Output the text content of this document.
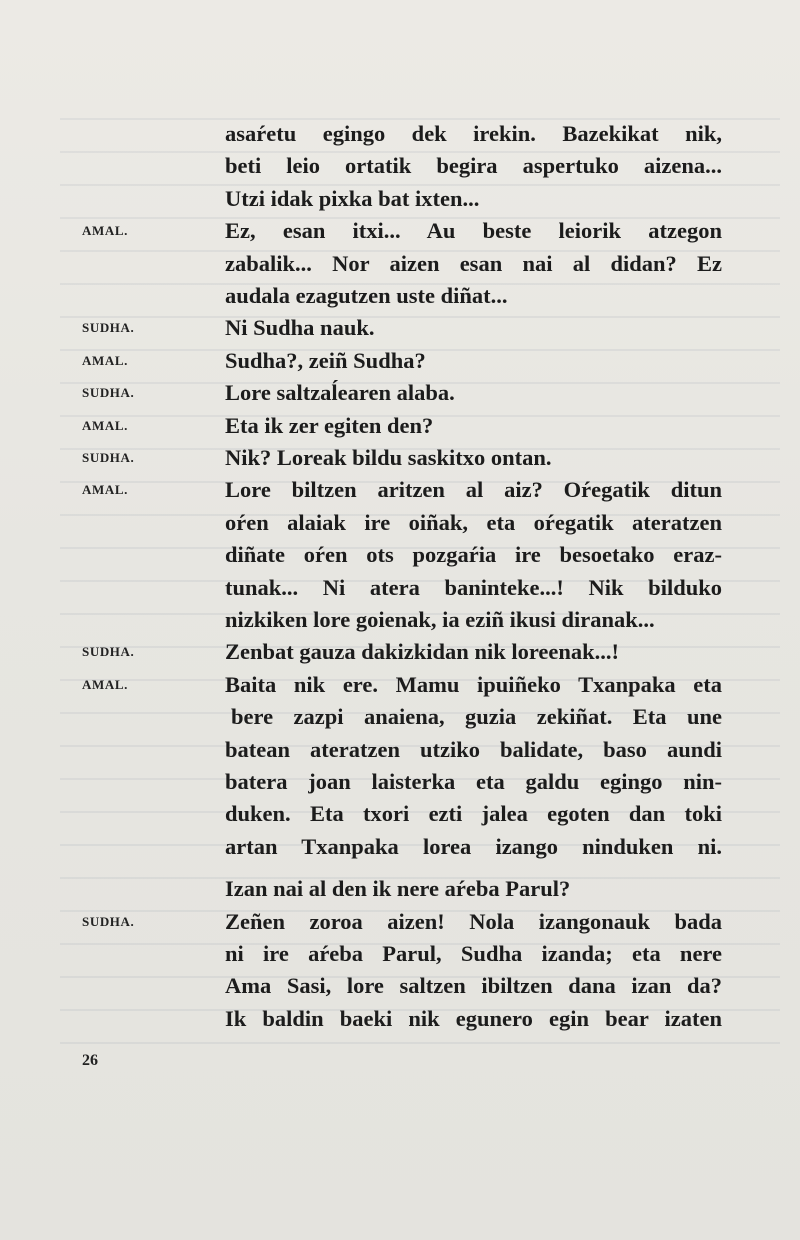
asaŕetu egingo dek irekin. Bazekikat nik,
beti leio ortatik begira aspertuko aizena...
Utzi idak pixka bat ixten...
AMAL.	Ez, esan itxi... Au beste leiorik atzegon
zabalik... Nor aizen esan nai al didan? Ez
audala ezagutzen uste diñat...
SUDHA.	Ni Sudha nauk.
AMAL.	Sudha?, zeiñ Sudha?
SUDHA.	Lore saltzaĺearen alaba.
AMAL.	Eta ik zer egiten den?
SUDHA.	Nik? Loreak bildu saskitxo ontan.
AMAL.	Lore biltzen aritzen al aiz? Oŕegatik ditun
oŕen alaiak ire oiñak, eta oŕegatik ateratzen
diñate oŕen ots pozgaŕia ire besoetako eraz-
tunak... Ni atera baninteke...! Nik bilduko
nizkiken lore goienak, ia eziñ ikusi diranak...
SUDHA.	Zenbat gauza dakizkidan nik loreenak...!
AMAL.	Baita nik ere. Mamu ipuiñeko Txanpaka eta
bere zazpi anaiena, guzia zekiñat. Eta une
batean ateratzen utziko balidate, baso aundi
batera joan laisterka eta galdu egingo nin-
duken. Eta txori ezti jalea egoten dan toki
artan Txanpaka lorea izango ninduken ni.
Izan nai al den ik nere aŕeba Parul?
SUDHA.	Zeñen zoroa aizen! Nola izangonauk bada
ni ire aŕeba Parul, Sudha izanda; eta nere
Ama Sasi, lore saltzen ibiltzen dana izan da?
Ik baldin baeki nik egunero egin bear izaten
26
